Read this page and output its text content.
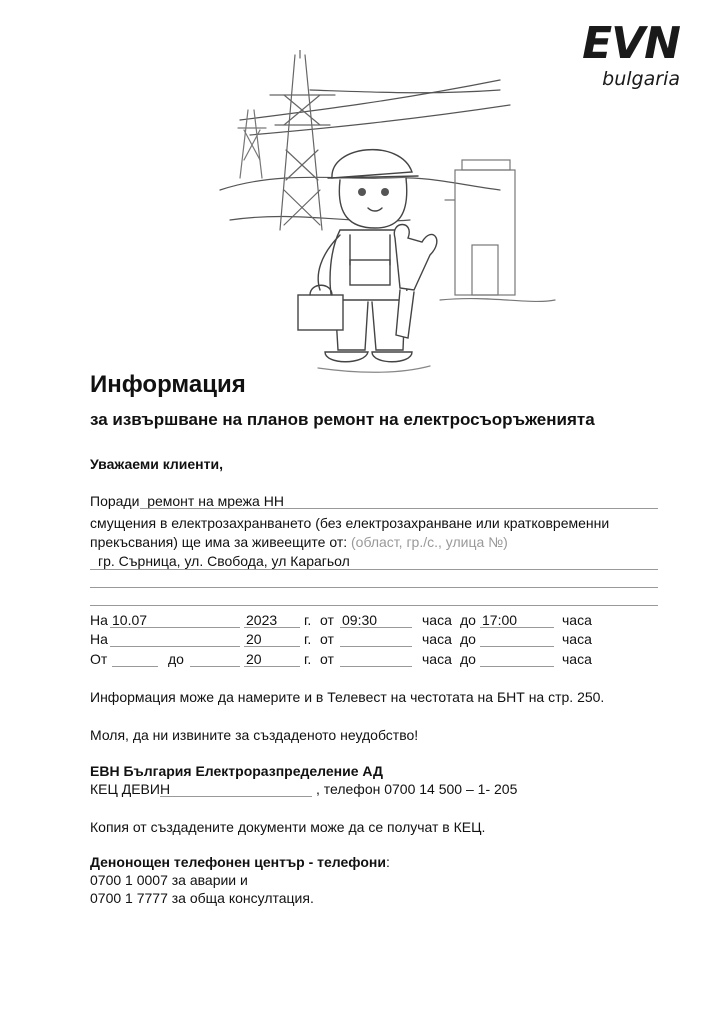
EVN
bulgaria
Информация
за извършване на планов ремонт на електросъоръженията
Уважаеми клиенти,
Поради ремонт на мрежа НН
смущения в електрозахранването (без електрозахранване или кратковременни
прекъсвания) ще има за живеещите от: (област, гр./с., улица №)
гр. Сърница, ул. Свобода, ул Карагьол
На 10.07	2023 г. от 09:30	часа до 17:00	часа
На	20	г. от	часа до	часа
От	до	20	г. от	часа до	часа
Информация може да намерите и в Телевест на честотата на БНТ на стр. 250.
Моля, да ни извините за създаденото неудобство!
ЕВН България Електроразпределение АД
КЕЦ ДЕВИН	, телефон 0700 14 500 – 1- 205
Копия от създадените документи може да се получат в КЕЦ.
Денонощен телефонен център - телефони:
0700 1 0007 за аварии и
0700 1 7777 за обща консултация.
